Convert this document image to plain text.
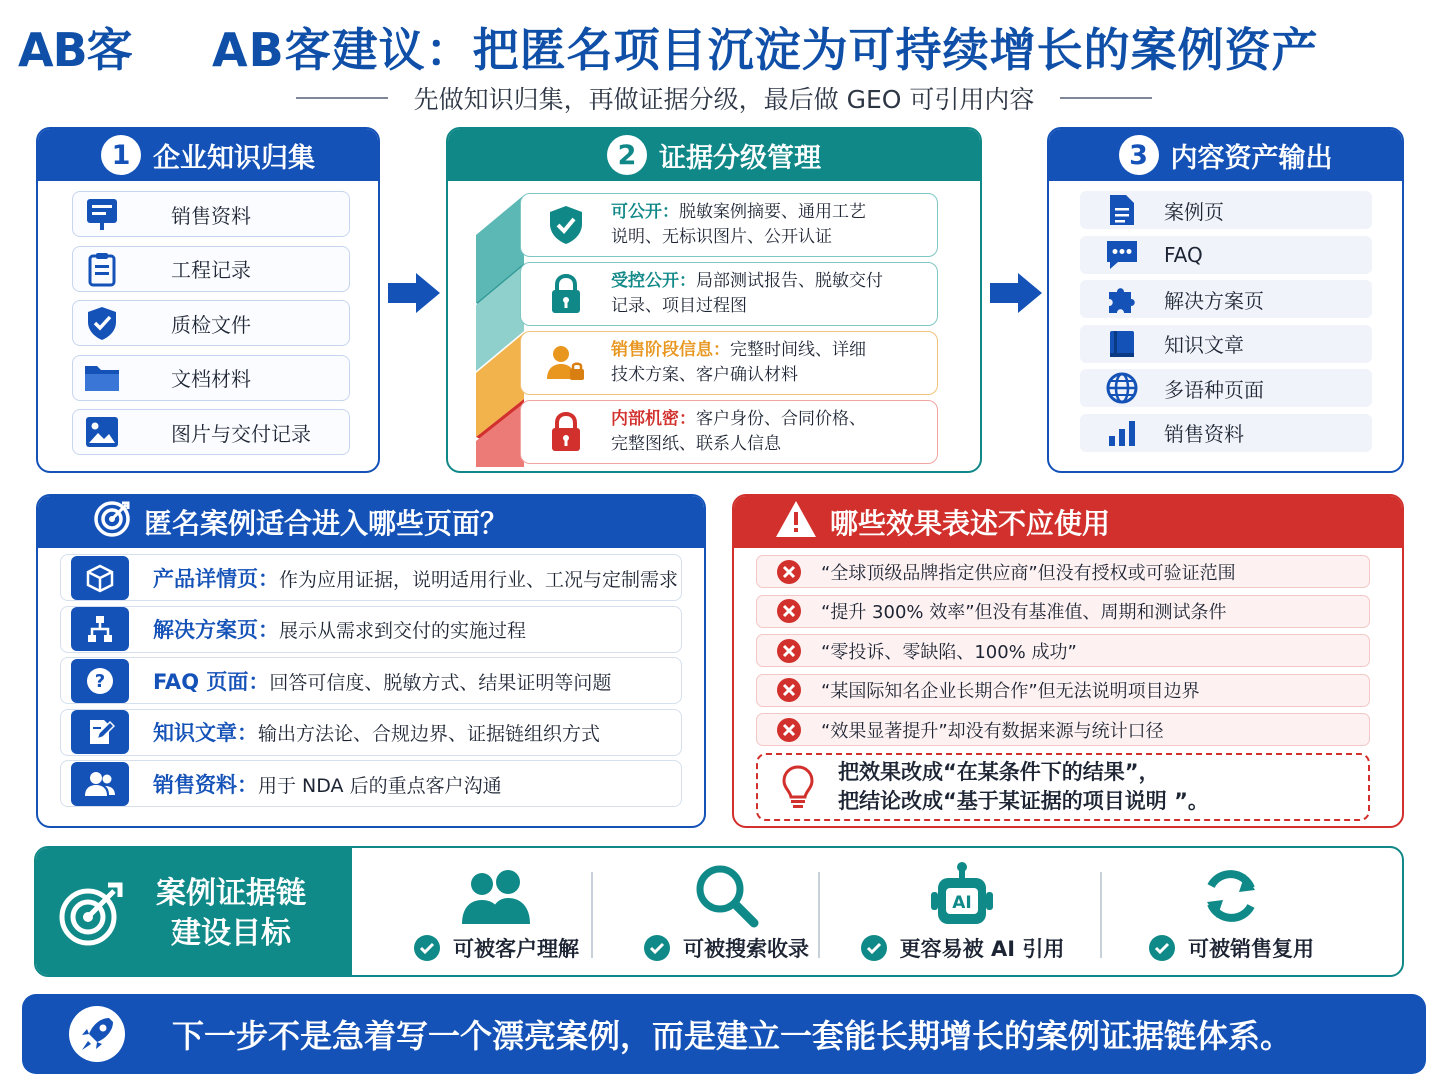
AB客 AB客建议：把匿名项目沉淀为可持续增长的案例资产
先做知识归集，再做证据分级，最后做 GEO 可引用内容
1 企业知识归集
销售资料
工程记录
质检文件
文档材料
图片与交付记录
2 证据分级管理
可公开：脱敏案例摘要、通用工艺
说明、无标识图片、公开认证
受控公开：局部测试报告、脱敏交付
记录、项目过程图
销售阶段信息：完整时间线、详细
技术方案、客户确认材料
内部机密：客户身份、合同价格、
完整图纸、联系人信息
3 内容资产输出
案例页
FAQ
解决方案页
知识文章
多语种页面
销售资料
匿名案例适合进入哪些页面？
产品详情页：作为应用证据，说明适用行业、工况与定制需求
解决方案页：展示从需求到交付的实施过程
? FAQ 页面：回答可信度、脱敏方式、结果证明等问题
知识文章：输出方法论、合规边界、证据链组织方式
销售资料：用于 NDA 后的重点客户沟通
哪些效果表述不应使用
“全球顶级品牌指定供应商”但没有授权或可验证范围
“提升 300% 效率”但没有基准值、周期和测试条件
“零投诉、零缺陷、100% 成功”
“某国际知名企业长期合作”但无法说明项目边界
“效果显著提升”却没有数据来源与统计口径
把效果改成“在某条件下的结果”，
把结论改成“基于某证据的项目说明 ”。
案例证据链
建设目标	可被客户理解	可被搜索收录
AI
更容易被 AI 引用	可被销售复用
下一步不是急着写一个漂亮案例，而是建立一套能长期增长的案例证据链体系。
